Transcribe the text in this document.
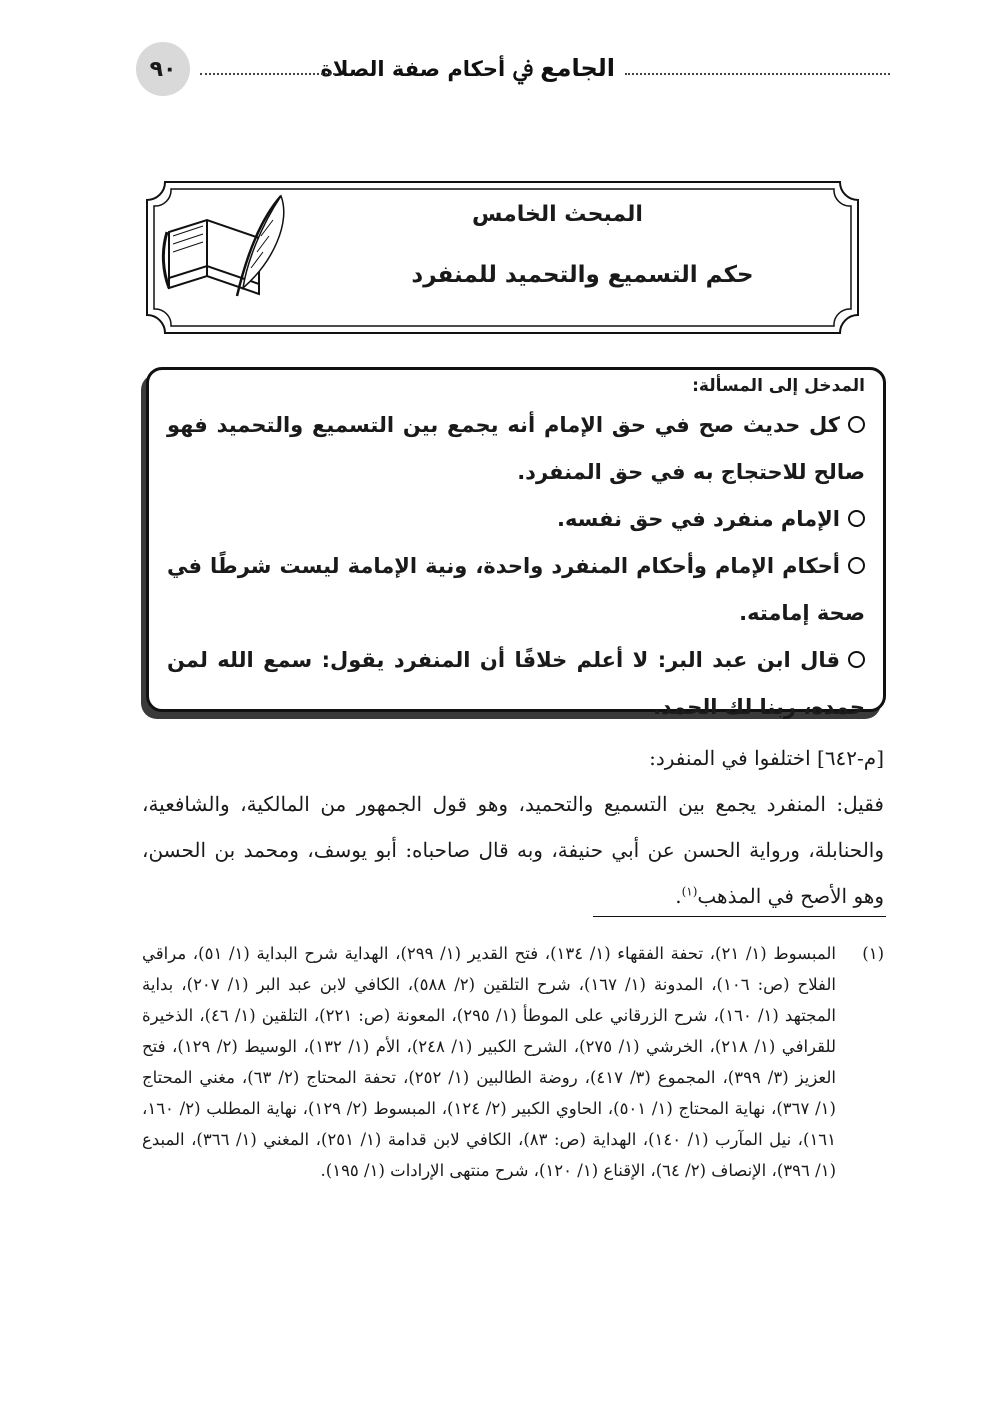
٩٠	الجامع ﰲ أحكام صفة الصلاة
المبحث الخامس
حكم التسميع والتحميد للمنفرد
المدخل إلى المسألة:
كل حديث صح في حق الإمام أنه يجمع بين التسميع والتحميد فهو صالح للاحتجاج به في حق المنفرد.
الإمام منفرد في حق نفسه.
أحكام الإمام وأحكام المنفرد واحدة، ونية الإمامة ليست شرطًا في صحة إمامته.
قال ابن عبد البر: لا أعلم خلافًا أن المنفرد يقول: سمع الله لمن حمده، ربنا لك الحمد.

[م-٦٤٢] اختلفوا في المنفرد:

فقيل: المنفرد يجمع بين التسميع والتحميد، وهو قول الجمهور من المالكية، والشافعية، والحنابلة، ورواية الحسن عن أبي حنيفة، وبه قال صاحباه: أبو يوسف، ومحمد بن الحسن، وهو الأصح في المذهب$^{(١)}$.

(١)
المبسوط (١/ ٢١)، تحفة الفقهاء (١/ ١٣٤)، فتح القدير (١/ ٢٩٩)، الهداية شرح البداية (١/ ٥١)، مراقي الفلاح (ص: ١٠٦)، المدونة (١/ ١٦٧)، شرح التلقين (٢/ ٥٨٨)، الكافي لابن عبد البر (١/ ٢٠٧)، بداية المجتهد (١/ ١٦٠)، شرح الزرقاني على الموطأ (١/ ٢٩٥)، المعونة (ص: ٢٢١)، التلقين (١/ ٤٦)، الذخيرة للقرافي (١/ ٢١٨)، الخرشي (١/ ٢٧٥)، الشرح الكبير (١/ ٢٤٨)، الأم (١/ ١٣٢)، الوسيط (٢/ ١٢٩)، فتح العزيز (٣/ ٣٩٩)، المجموع (٣/ ٤١٧)، روضة الطالبين (١/ ٢٥٢)، تحفة المحتاج (٢/ ٦٣)، مغني المحتاج (١/ ٣٦٧)، نهاية المحتاج (١/ ٥٠١)، الحاوي الكبير (٢/ ١٢٤)، المبسوط (٢/ ١٢٩)، نهاية المطلب (٢/ ١٦٠، ١٦١)، نيل المآرب (١/ ١٤٠)، الهداية (ص: ٨٣)، الكافي لابن قدامة (١/ ٢٥١)، المغني (١/ ٣٦٦)، المبدع (١/ ٣٩٦)، الإنصاف (٢/ ٦٤)، الإقناع (١/ ١٢٠)، شرح منتهى الإرادات (١/ ١٩٥).
